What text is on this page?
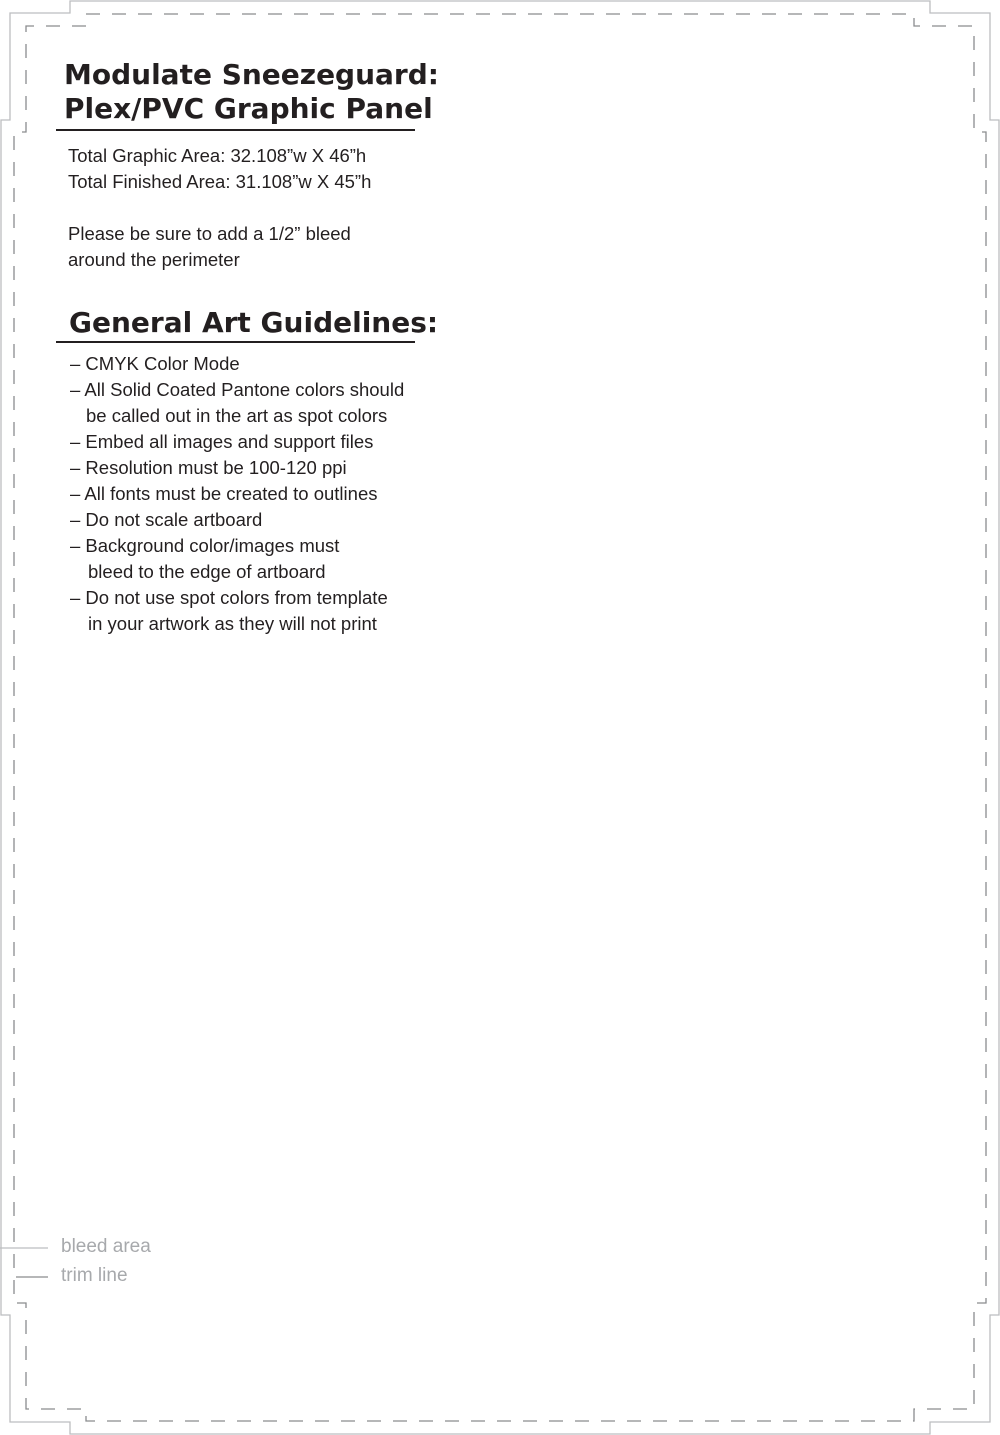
Modulate Sneezeguard:
Plex/PVC Graphic Panel
Total Graphic Area: 32.108”w X 46”h
Total Finished Area: 31.108”w X 45”h
Please be sure to add a 1/2” bleed
around the perimeter
General Art Guidelines:
– CMYK Color Mode
– All Solid Coated Pantone colors should
be called out in the art as spot colors
– Embed all images and support files
– Resolution must be 100-120 ppi
– All fonts must be created to outlines
– Do not scale artboard
– Background color/images must
bleed to the edge of artboard
– Do not use spot colors from template
in your artwork as they will not print
bleed area
trim line
